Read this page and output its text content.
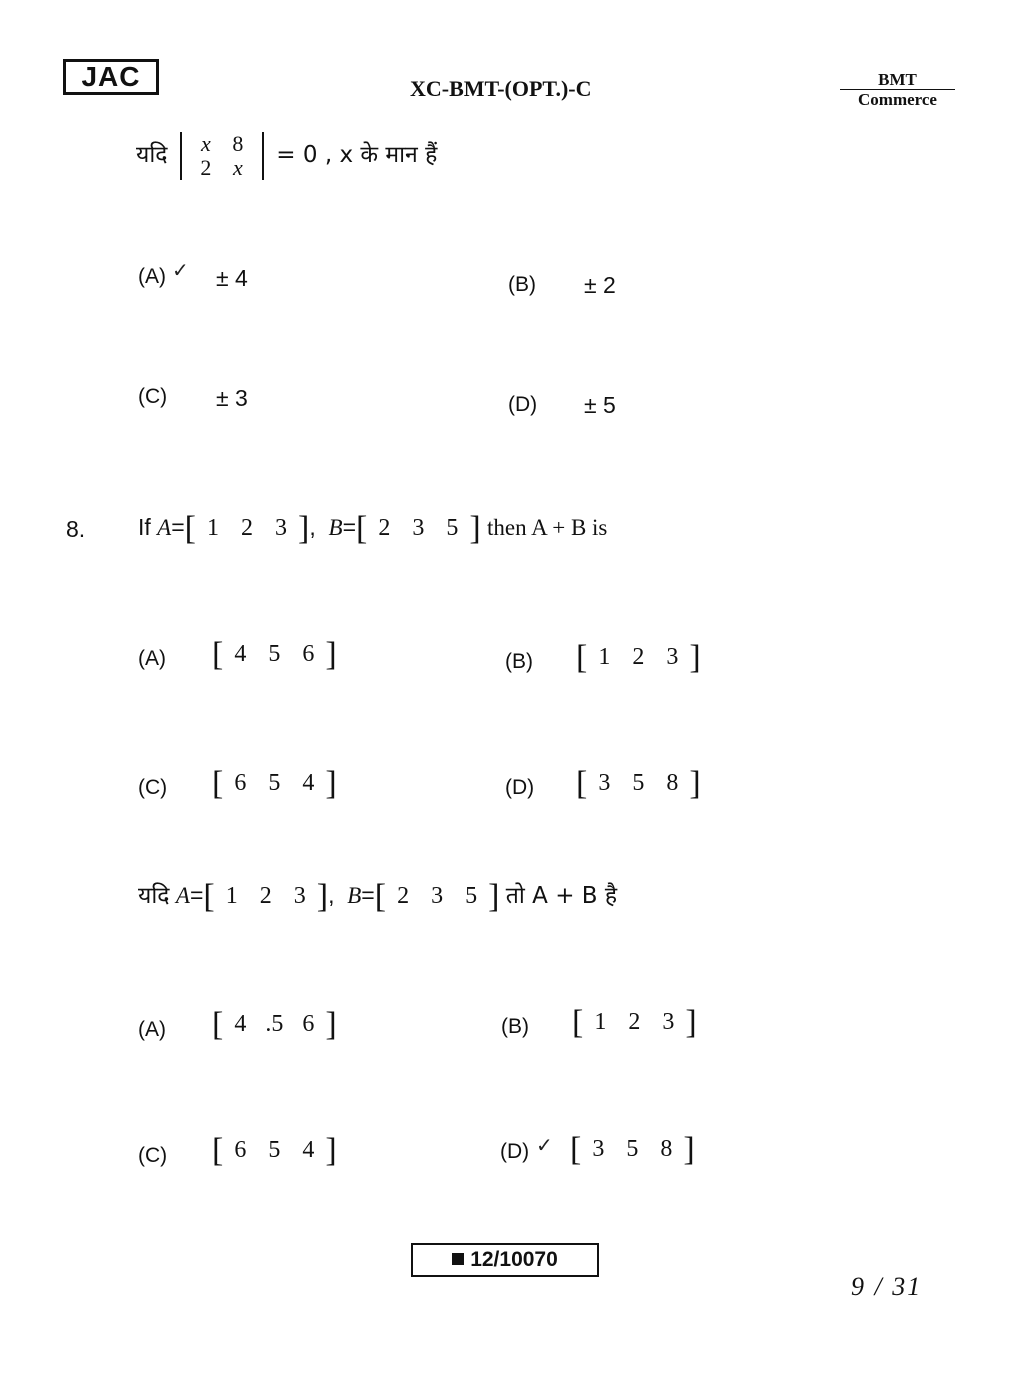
JAC	XC-BMT-(OPT.)-C	BMT
Commerce
यदि x 8
2 x = 0 , x के मान हैं
(A) ✓ ± 4	(B) ± 2
(C) ± 3	(D) ± 5
8. If A=[ 1 2 3 ],  B=[ 2 3 5 ] then A + B is
(A) [ 4 5 6 ]	(B) [ 1 2 3 ]
(C) [ 6 5 4 ]	(D) [ 3 5 8 ]
यदि A=[ 1 2 3 ],  B=[ 2 3 5 ] तो A + B है
(A) [ 4 .5 6 ]	(B) [ 1 2 3 ]
(C) [ 6 5 4 ]	(D) ✓ [ 3 5 8 ]
12/10070
9 / 31
